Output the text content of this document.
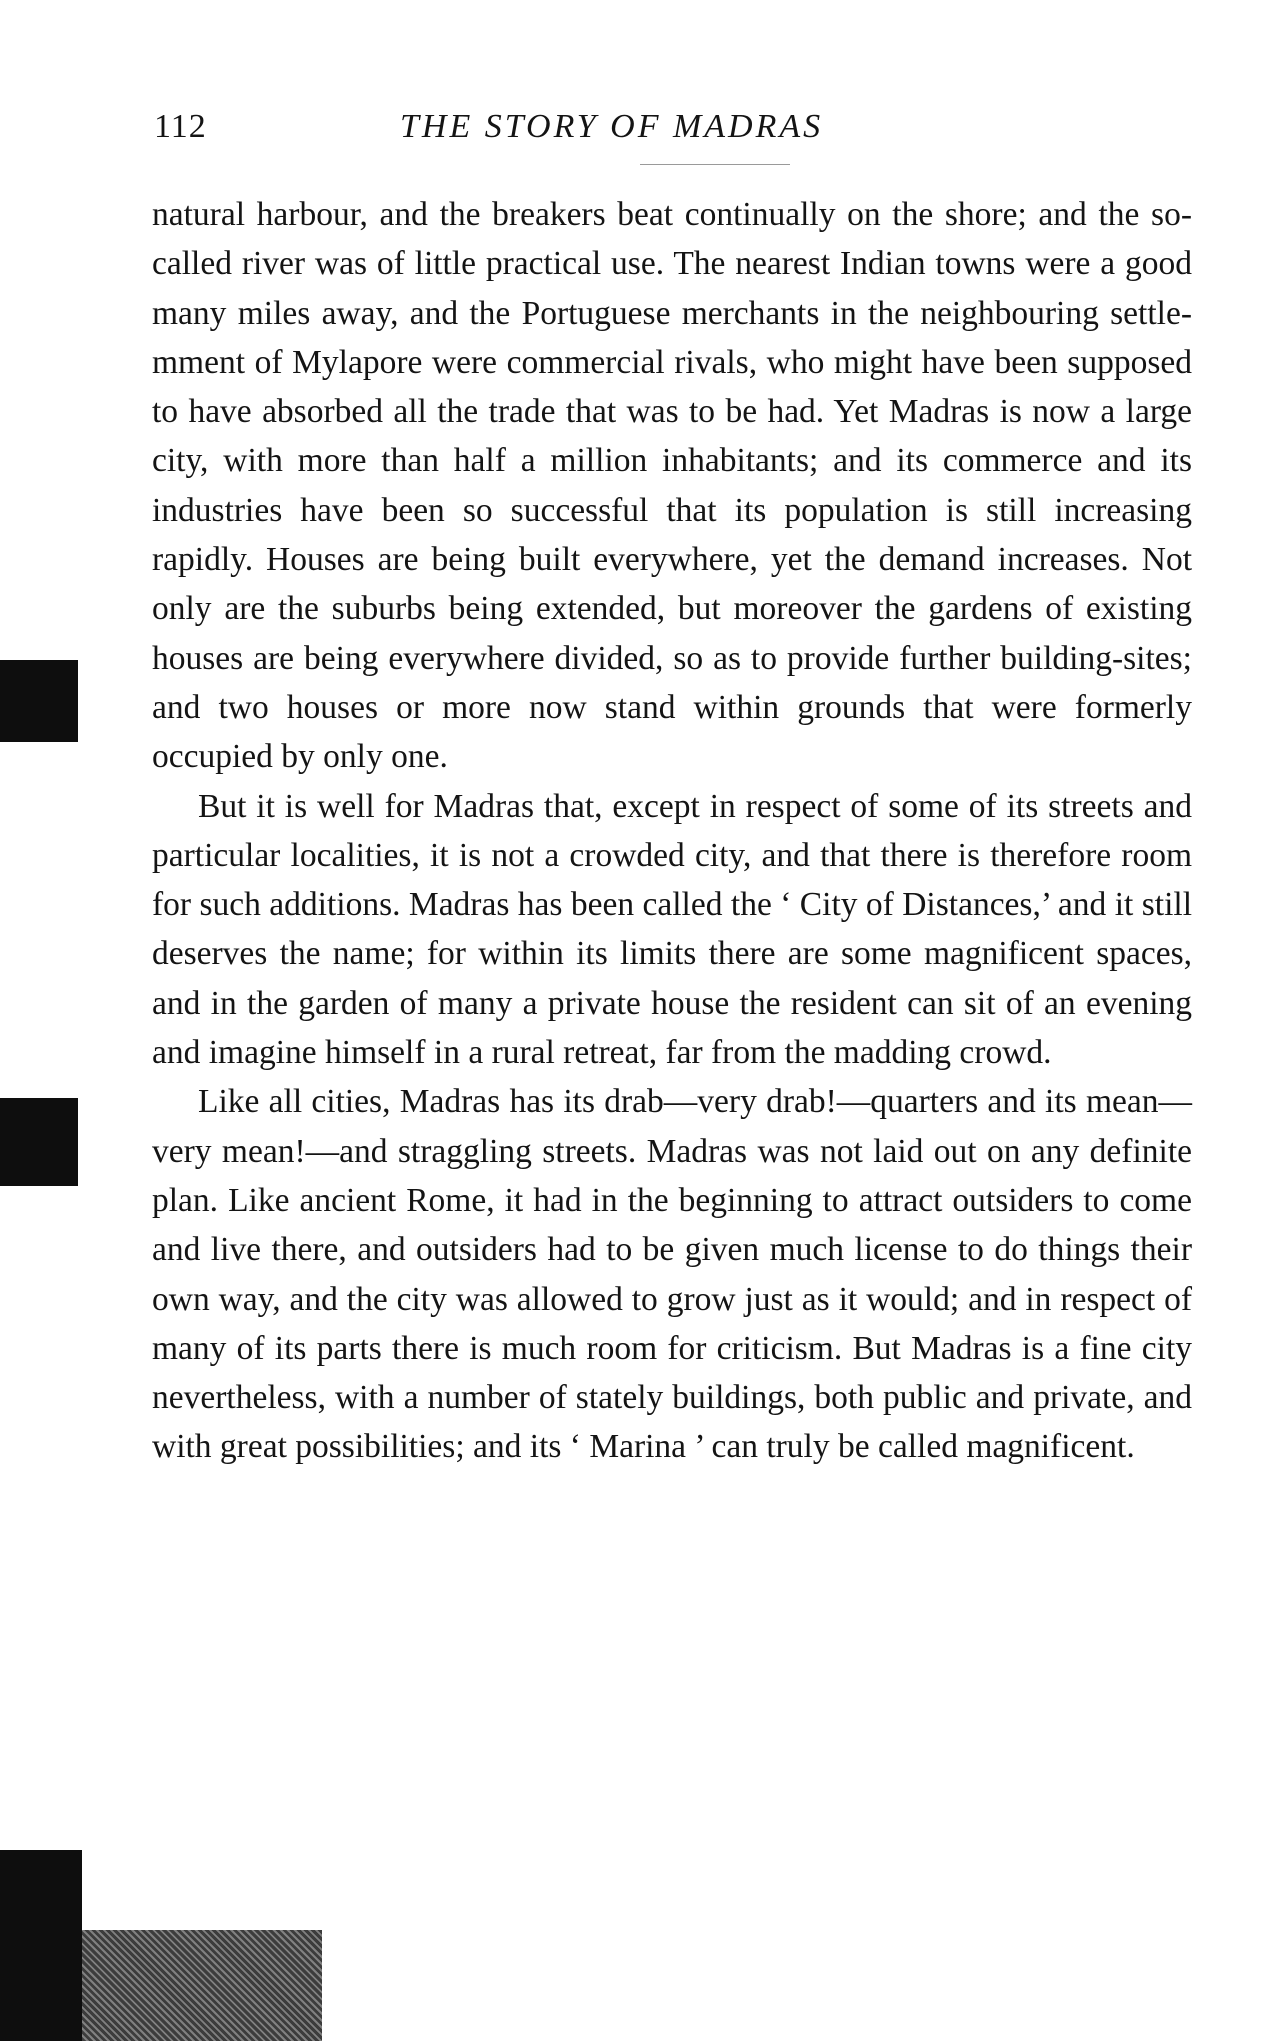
112	THE STORY OF MADRAS

natural harbour, and the breakers beat continually on the shore; and the so-called river was of little practical use. The nearest Indian towns were a good many miles away, and the Portuguese merchants in the neighbouring settlemment of Mylapore were commercial rivals, who might have been supposed to have absorbed all the trade that was to be had. Yet Madras is now a large city, with more than half a million inhabitants; and its commerce and its industries have been so successful that its population is still increasing rapidly. Houses are being built everywhere, yet the demand increases. Not only are the suburbs being extended, but moreover the gardens of existing houses are being everywhere divided, so as to provide further building-sites; and two houses or more now stand within grounds that were formerly occupied by only one.

But it is well for Madras that, except in respect of some of its streets and particular localities, it is not a crowded city, and that there is therefore room for such additions. Madras has been called the ‘ City of Distances,’ and it still deserves the name; for within its limits there are some magnificent spaces, and in the garden of many a private house the resident can sit of an evening and imagine himself in a rural retreat, far from the madding crowd.

Like all cities, Madras has its drab—very drab!—quarters and its mean—very mean!—and straggling streets. Madras was not laid out on any definite plan. Like ancient Rome, it had in the beginning to attract outsiders to come and live there, and outsiders had to be given much license to do things their own way, and the city was allowed to grow just as it would; and in respect of many of its parts there is much room for criticism. But Madras is a fine city nevertheless, with a number of stately buildings, both public and private, and with great possibilities; and its ‘ Marina ’ can truly be called magnificent.
